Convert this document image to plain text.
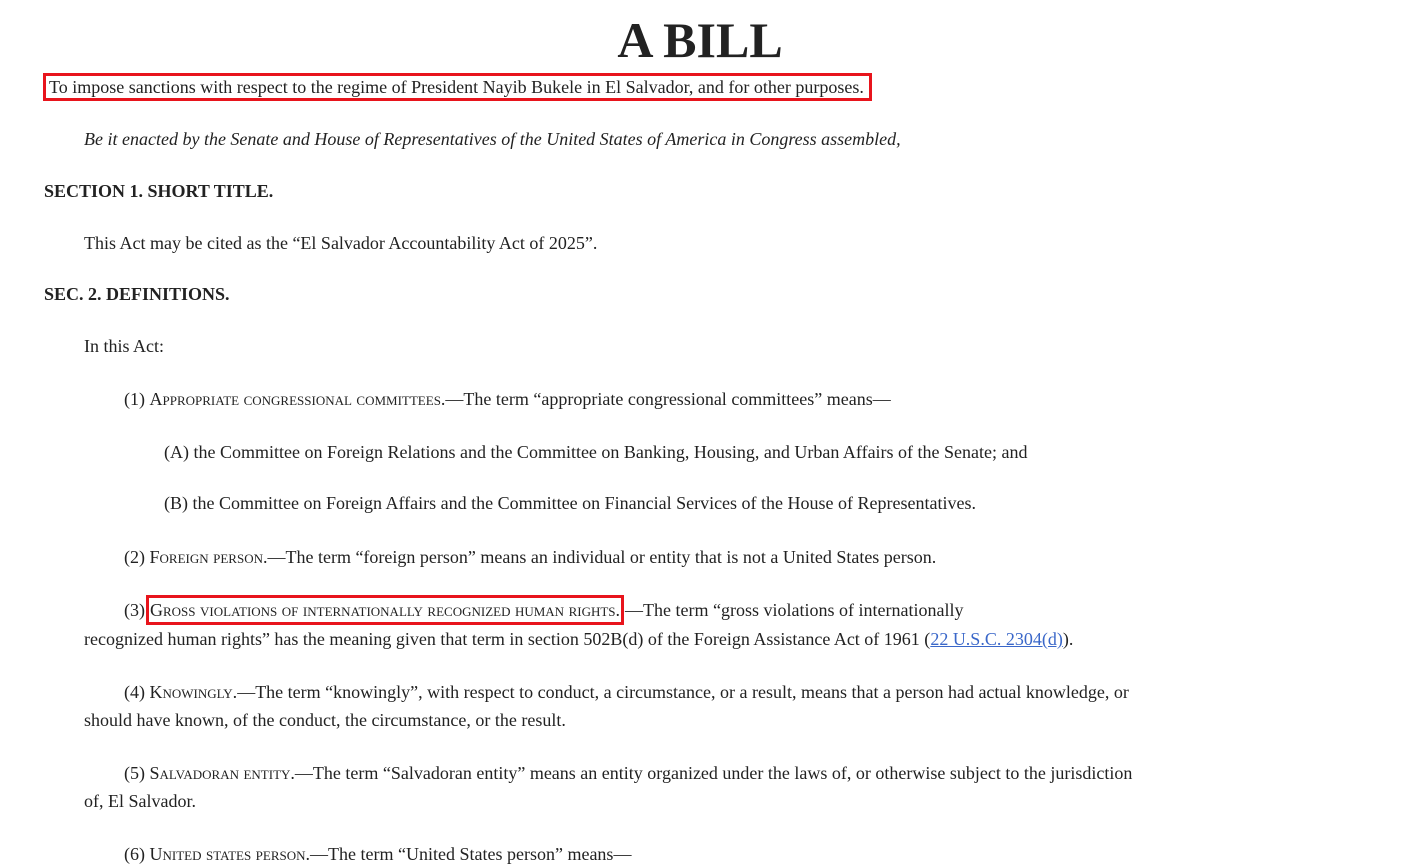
A BILL
To impose sanctions with respect to the regime of President Nayib Bukele in El Salvador, and for other purposes.
Be it enacted by the Senate and House of Representatives of the United States of America in Congress assembled,
SECTION 1. SHORT TITLE.
This Act may be cited as the “El Salvador Accountability Act of 2025”.
SEC. 2. DEFINITIONS.
In this Act:
(1) Appropriate congressional committees.—The term “appropriate congressional committees” means—
(A) the Committee on Foreign Relations and the Committee on Banking, Housing, and Urban Affairs of the Senate; and
(B) the Committee on Foreign Affairs and the Committee on Financial Services of the House of Representatives.
(2) Foreign person.—The term “foreign person” means an individual or entity that is not a United States person.
(3) Gross violations of internationally recognized human rights. —The term “gross violations of internationally
recognized human rights” has the meaning given that term in section 502B(d) of the Foreign Assistance Act of 1961 (22 U.S.C. 2304(d)).
(4) Knowingly.—The term “knowingly”, with respect to conduct, a circumstance, or a result, means that a person had actual knowledge, or
should have known, of the conduct, the circumstance, or the result.
(5) Salvadoran entity.—The term “Salvadoran entity” means an entity organized under the laws of, or otherwise subject to the jurisdiction
of, El Salvador.
(6) United states person.—The term “United States person” means—
